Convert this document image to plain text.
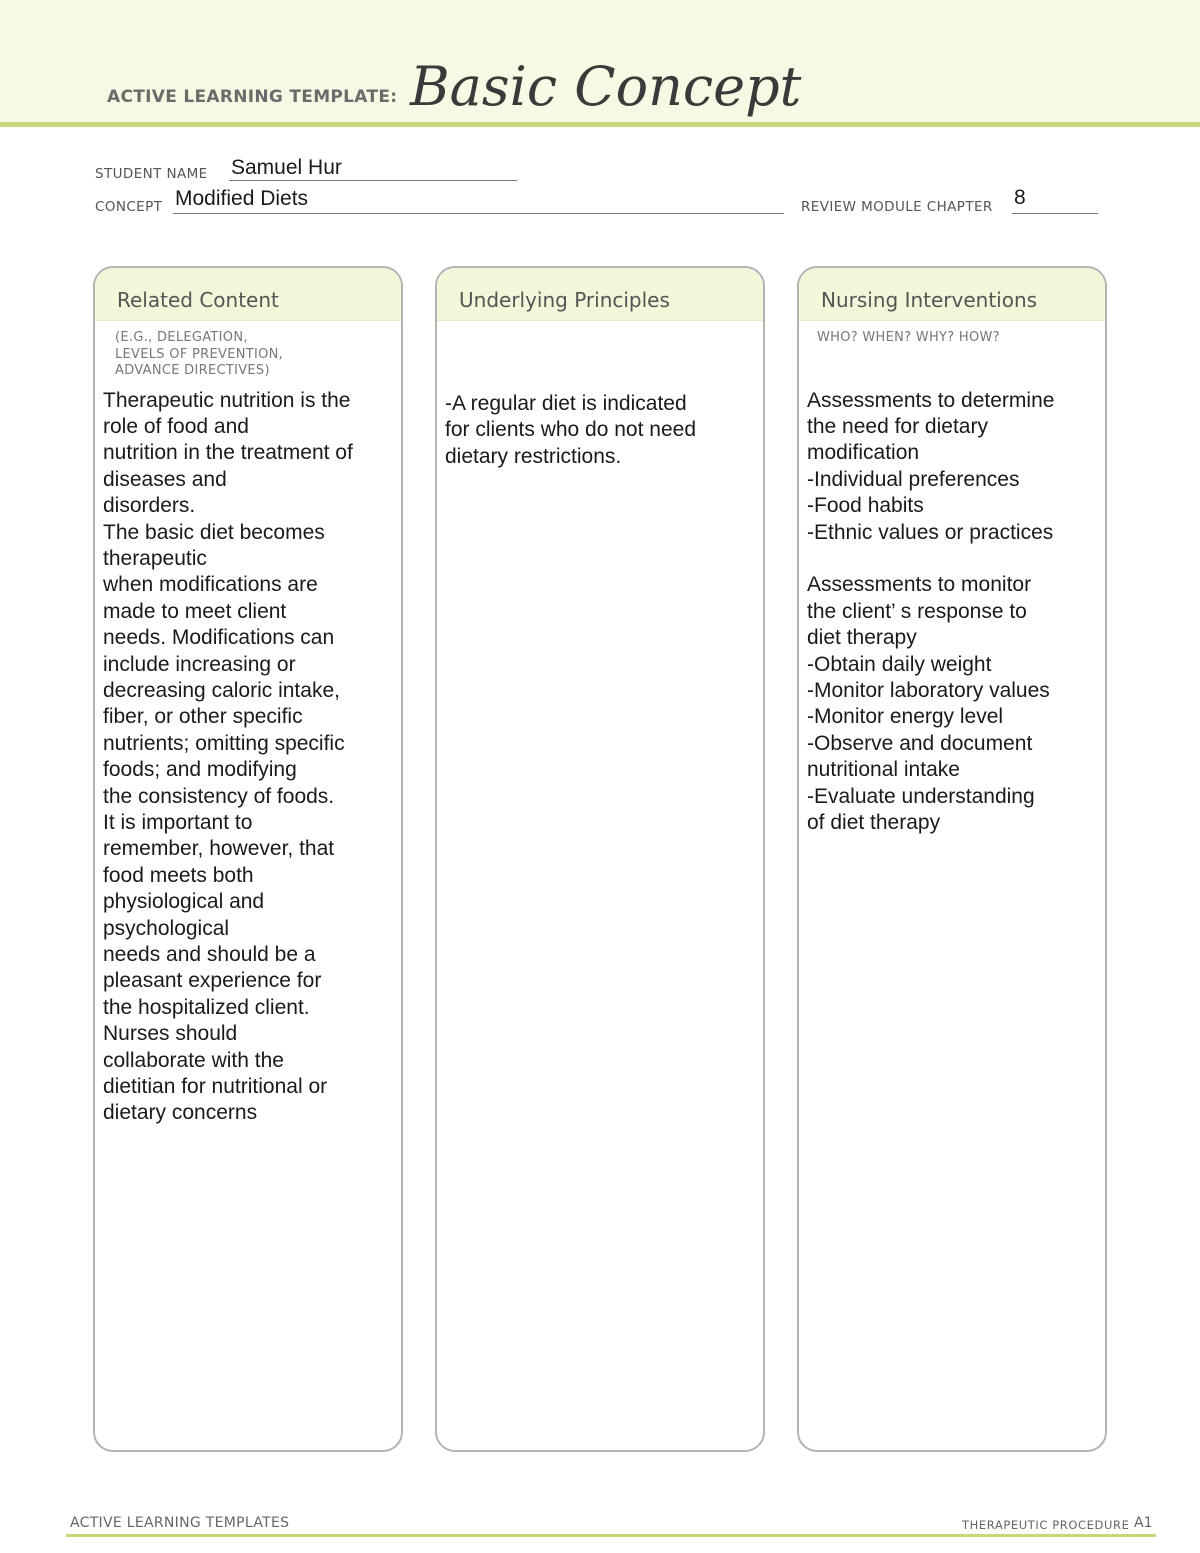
ACTIVE LEARNING TEMPLATE: Basic Concept
STUDENT NAME Samuel Hur
CONCEPT Modified Diets	REVIEW MODULE CHAPTER 8
Related Content
(E.G., DELEGATION,
LEVELS OF PREVENTION,
ADVANCE DIRECTIVES)
Therapeutic nutrition is the
role of food and
nutrition in the treatment of
diseases and
disorders.
The basic diet becomes
therapeutic
when modifications are
made to meet client
needs. Modifications can
include increasing or
decreasing caloric intake,
fiber, or other specific
nutrients; omitting specific
foods; and modifying
the consistency of foods.
It is important to
remember, however, that
food meets both
physiological and
psychological
needs and should be a
pleasant experience for
the hospitalized client.
Nurses should
collaborate with the
dietitian for nutritional or
dietary concerns
Underlying Principles
-A regular diet is indicated
for clients who do not need
dietary restrictions.
Nursing Interventions
WHO? WHEN? WHY? HOW?
Assessments to determine
the need for dietary
modification
-Individual preferences
-Food habits
-Ethnic values or practices

Assessments to monitor
the client’ s response to
diet therapy
-Obtain daily weight
-Monitor laboratory values
-Monitor energy level
-Observe and document
nutritional intake
-Evaluate understanding
of diet therapy
ACTIVE LEARNING TEMPLATES	THERAPEUTIC PROCEDURE A1
